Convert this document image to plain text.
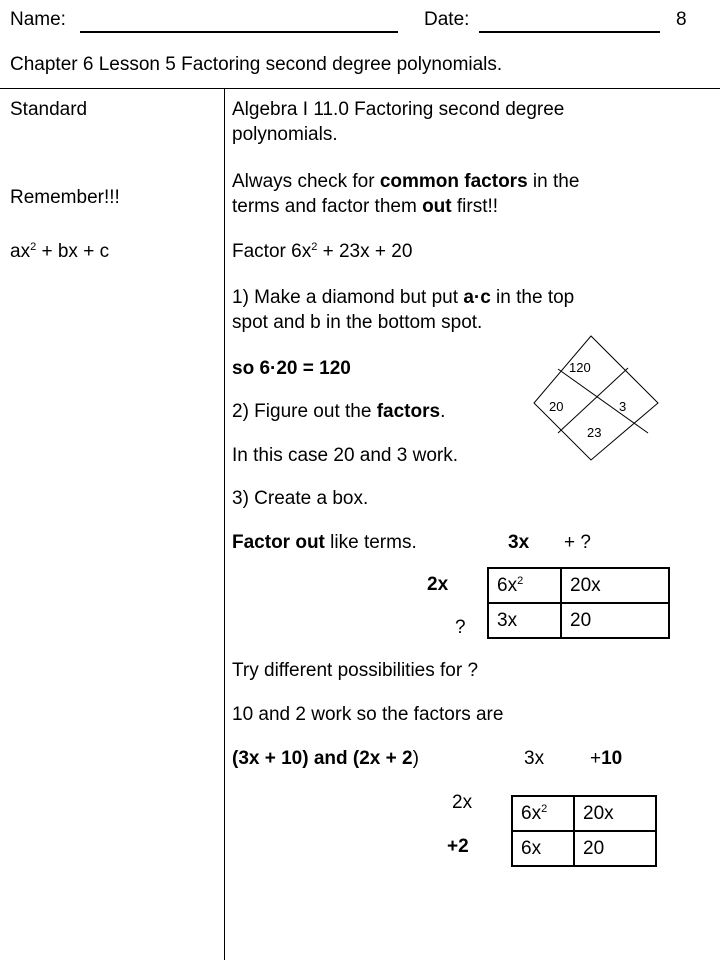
Name:	Date:	8
Chapter 6 Lesson 5 Factoring second degree polynomials.
Standard
Remember!!!
$ax^2$ + bx + c
Algebra I 11.0 Factoring second degree
polynomials.
Always check for common factors in the
terms and factor them out first!!
Factor $6x^2 + 23x + 20$
1) Make a diamond but put a·c in the top
spot and b in the bottom spot.
so 6·20 = 120
2) Figure out the factors.
In this case 20 and 3 work.
3) Create a box.
Factor out like terms.	3x + ?
120
20	3
23
2x
?
$6x^2$	20x
3x	20
Try different possibilities for ?
10 and 2 work so the factors are
(3x + 10) and (2x + 2)	3x +10
2x
+2
$6x^2$	20x
6x	20
